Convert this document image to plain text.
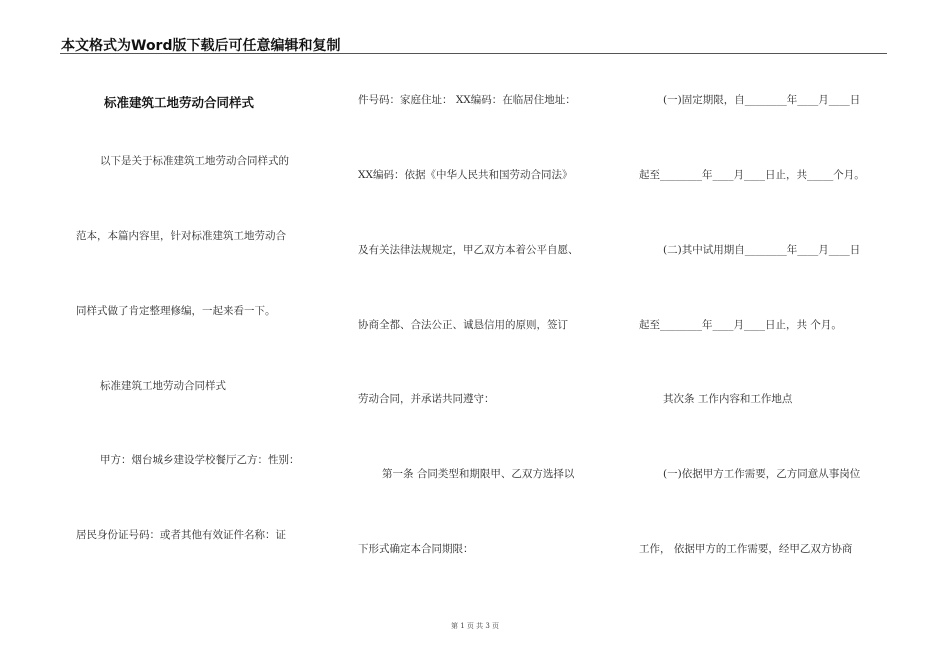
本文格式为Word版下载后可任意编辑和复制
标准建筑工地劳动合同样式
以下是关于标准建筑工地劳动合同样式的
范本，本篇内容里，针对标准建筑工地劳动合
同样式做了肯定整理修编，一起来看一下。
标准建筑工地劳动合同样式
甲方：烟台城乡建设学校餐厅乙方：性别：
居民身份证号码：或者其他有效证件名称：证
件号码：家庭住址： XX编码：在临居住地址：
XX编码：依据《中华人民共和国劳动合同法》
及有关法律法规规定，甲乙双方本着公平自愿、
协商全都、合法公正、诚恳信用的原则，签订
劳动合同，并承诺共同遵守：
第一条 合同类型和期限甲、乙双方选择以
下形式确定本合同期限：
(一)固定期限，自________年____月____日
起至________年____月____日止，共_____个月。
(二)其中试用期自________年____月____日
起至________年____月____日止，共 个月。
其次条 工作内容和工作地点
(一)依据甲方工作需要，乙方同意从事岗位
工作， 依据甲方的工作需要，经甲乙双方协商
第 1 页 共 3 页
